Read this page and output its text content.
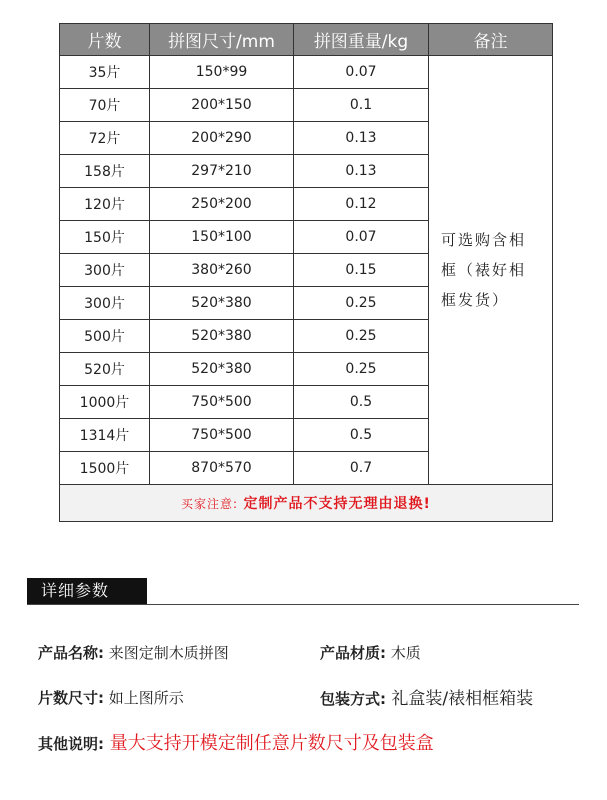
片数	拼图尺寸/mm	拼图重量/kg	备注
35片	150*99	0.07	可选购含相
框（裱好相
框发货）

70片	200*150	0.1	
72片	200*290	0.13	
158片	297*210	0.13	
120片	250*200	0.12	
150片	150*100	0.07	
300片	380*260	0.15	
300片	520*380	0.25	
500片	520*380	0.25	
520片	520*380	0.25	
1000片	750*500	0.5	
1314片	750*500	0.5	
1500片	870*570	0.7	
买家注意: 定制产品不支持无理由退换!			
详细参数
产品名称: 来图定制木质拼图	产品材质: 木质
片数尺寸: 如上图所示	包装方式: 礼盒装/裱相框箱装
其他说明: 量大支持开模定制任意片数尺寸及包装盒
